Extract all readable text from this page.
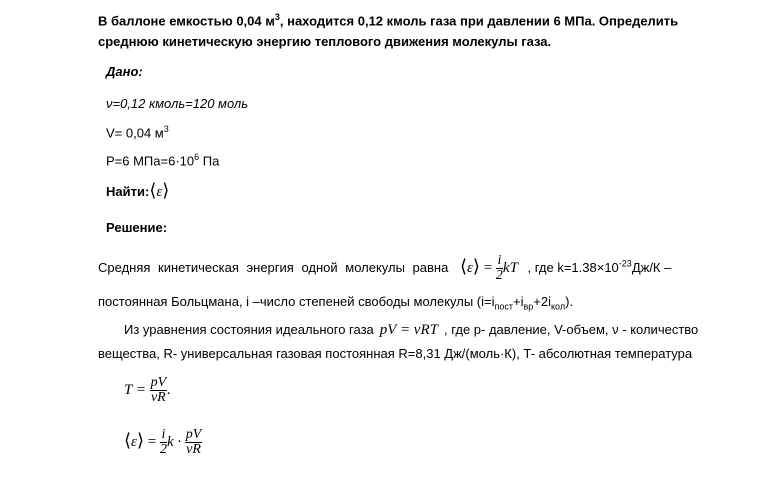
В баллоне емкостью 0,04 $м^3$, находится 0,12 кмоль газа при давлении 6 МПа. Определить
среднюю кинетическую энергию теплового движения молекулы газа.
Дано:
ν=0,12 кмоль=120 моль
V= 0,04 $м^3$
P=6 $МПа=6\cdot 10^6$ Па
Найти:⟨ε⟩
Решение:
Средняя кинетическая энергия одной молекулы равна ⟨ε⟩ = $\frac{i}{2}$ kT , где $k=1.38\times 10^{-23}Дж/К$ –
постоянная Больцмана, i –число степеней свободы молекулы $(i=i_{пост}+i_{вр}+2i_{кол})$.
Из уравнения состояния идеального газа pV = νRT , где р- давление, V-объем, ν - количество
вещества, R- универсальная газовая постоянная R=8,31 Дж/(моль·К), T- абсолютная температура
$T = \frac{pV}{\nu R}$ .
⟨ε⟩ = $\frac{i}{2}$ $k \cdot \frac{pV}{\nu R}$
